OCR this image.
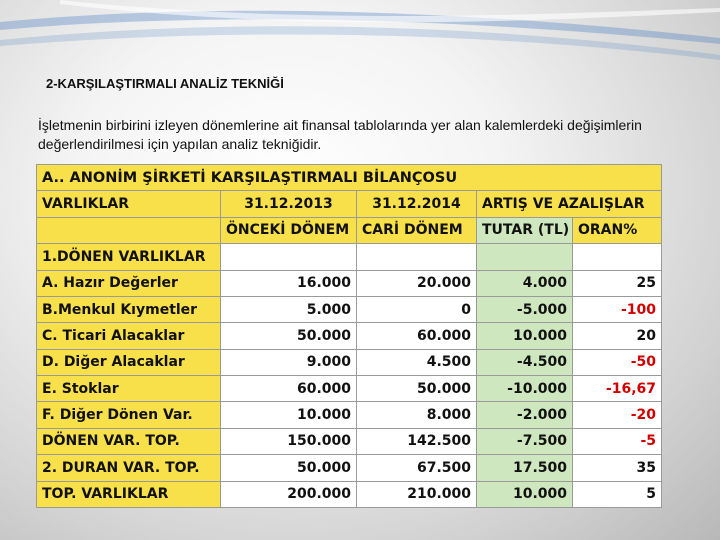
2-KARŞILAŞTIRMALI ANALİZ TEKNİĞİ
İşletmenin birbirini izleyen dönemlerine ait finansal tablolarında yer alan kalemlerdeki değişimlerin değerlendirilmesi için yapılan analiz tekniğidir.
A.. ANONİM ŞİRKETİ KARŞILAŞTIRMALI BİLANÇOSU				
VARLIKLAR	31.12.2013	31.12.2014	ARTIŞ VE AZALIŞLAR	
	ÖNCEKİ DÖNEM	CARİ DÖNEM	TUTAR (TL)	ORAN%
1.DÖNEN VARLIKLAR				
A. Hazır Değerler	16.000	20.000	4.000	25
B.Menkul Kıymetler	5.000	0	-5.000	-100
C. Ticari Alacaklar	50.000	60.000	10.000	20
D. Diğer Alacaklar	9.000	4.500	-4.500	-50
E. Stoklar	60.000	50.000	-10.000	-16,67
F. Diğer Dönen Var.	10.000	8.000	-2.000	-20
DÖNEN VAR. TOP.	150.000	142.500	-7.500	-5
2. DURAN VAR. TOP.	50.000	67.500	17.500	35
TOP. VARLIKLAR	200.000	210.000	10.000	5
